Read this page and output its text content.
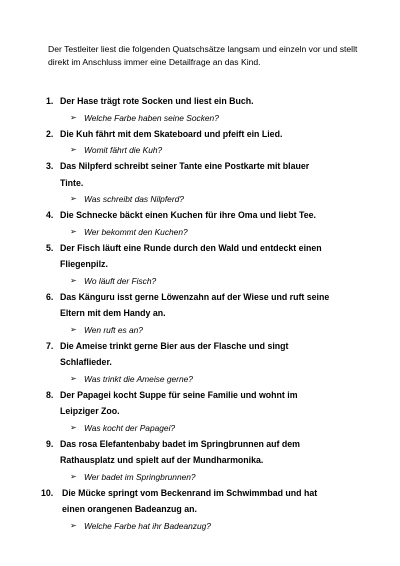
Der Testleiter liest die folgenden Quatschsätze langsam und einzeln vor und stellt direkt im Anschluss immer eine Detailfrage an das Kind.
1. Der Hase trägt rote Socken und liest ein Buch.
➢ Welche Farbe haben seine Socken?
2. Die Kuh fährt mit dem Skateboard und pfeift ein Lied.
➢ Womit fährt die Kuh?
3. Das Nilpferd schreibt seiner Tante eine Postkarte mit blauer
Tinte.
➢ Was schreibt das Nilpferd?
4. Die Schnecke bäckt einen Kuchen für ihre Oma und liebt Tee.
➢ Wer bekommt den Kuchen?
5. Der Fisch läuft eine Runde durch den Wald und entdeckt einen
Fliegenpilz.
➢ Wo läuft der Fisch?
6. Das Känguru isst gerne Löwenzahn auf der Wiese und ruft seine
Eltern mit dem Handy an.
➢ Wen ruft es an?
7. Die Ameise trinkt gerne Bier aus der Flasche und singt
Schlaflieder.
➢ Was trinkt die Ameise gerne?
8. Der Papagei kocht Suppe für seine Familie und wohnt im
Leipziger Zoo.
➢ Was kocht der Papagei?
9. Das rosa Elefantenbaby badet im Springbrunnen auf dem
Rathausplatz und spielt auf der Mundharmonika.
➢ Wer badet im Springbrunnen?
10. Die Mücke springt vom Beckenrand im Schwimmbad und hat
einen orangenen Badeanzug an.
➢ Welche Farbe hat ihr Badeanzug?
